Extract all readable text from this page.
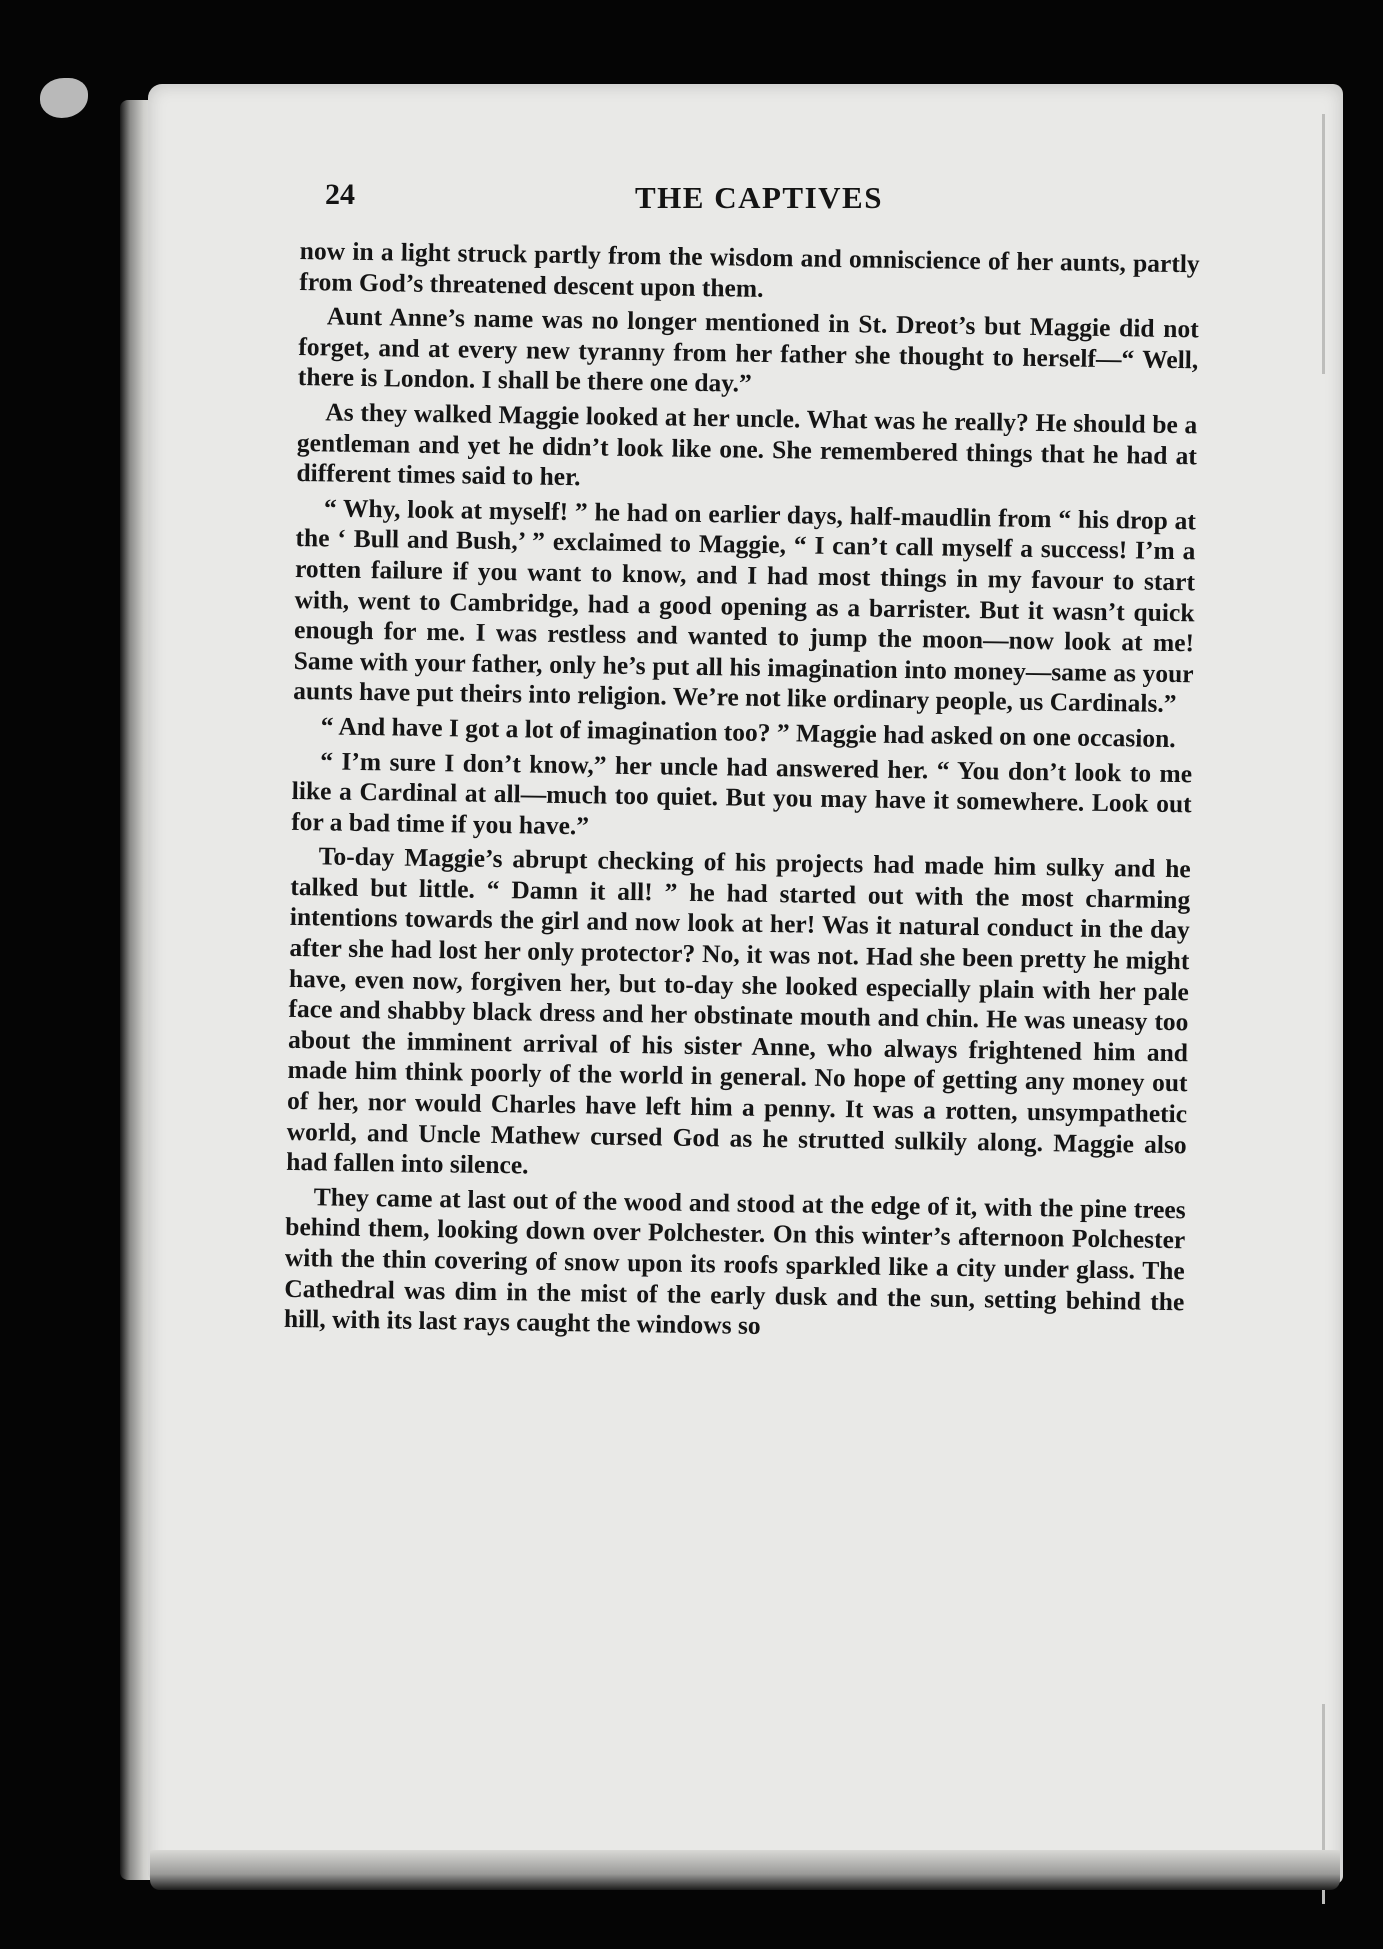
24	THE CAPTIVES

now in a light struck partly from the wisdom and omniscience of her aunts, partly from God’s threatened descent upon them.

Aunt Anne’s name was no longer mentioned in St. Dreot’s but Maggie did not forget, and at every new tyranny from her father she thought to herself—“ Well, there is London. I shall be there one day.”

As they walked Maggie looked at her uncle. What was he really? He should be a gentleman and yet he didn’t look like one. She remembered things that he had at different times said to her.

“ Why, look at myself! ” he had on earlier days, half-maudlin from “ his drop at the ‘ Bull and Bush,’ ” exclaimed to Maggie, “ I can’t call myself a success! I’m a rotten failure if you want to know, and I had most things in my favour to start with, went to Cambridge, had a good opening as a barrister. But it wasn’t quick enough for me. I was restless and wanted to jump the moon—now look at me! Same with your father, only he’s put all his imagination into money—same as your aunts have put theirs into religion. We’re not like ordinary people, us Cardinals.”

“ And have I got a lot of imagination too? ” Maggie had asked on one occasion.

“ I’m sure I don’t know,” her uncle had answered her. “ You don’t look to me like a Cardinal at all—much too quiet. But you may have it somewhere. Look out for a bad time if you have.”

To-day Maggie’s abrupt checking of his projects had made him sulky and he talked but little. “ Damn it all! ” he had started out with the most charming intentions towards the girl and now look at her! Was it natural conduct in the day after she had lost her only protector? No, it was not. Had she been pretty he might have, even now, forgiven her, but to-day she looked especially plain with her pale face and shabby black dress and her obstinate mouth and chin. He was uneasy too about the imminent arrival of his sister Anne, who always frightened him and made him think poorly of the world in general. No hope of getting any money out of her, nor would Charles have left him a penny. It was a rotten, unsympathetic world, and Uncle Mathew cursed God as he strutted sulkily along. Maggie also had fallen into silence.

They came at last out of the wood and stood at the edge of it, with the pine trees behind them, looking down over Polchester. On this winter’s afternoon Polchester with the thin covering of snow upon its roofs sparkled like a city under glass. The Cathedral was dim in the mist of the early dusk and the sun, setting behind the hill, with its last rays caught the windows so
